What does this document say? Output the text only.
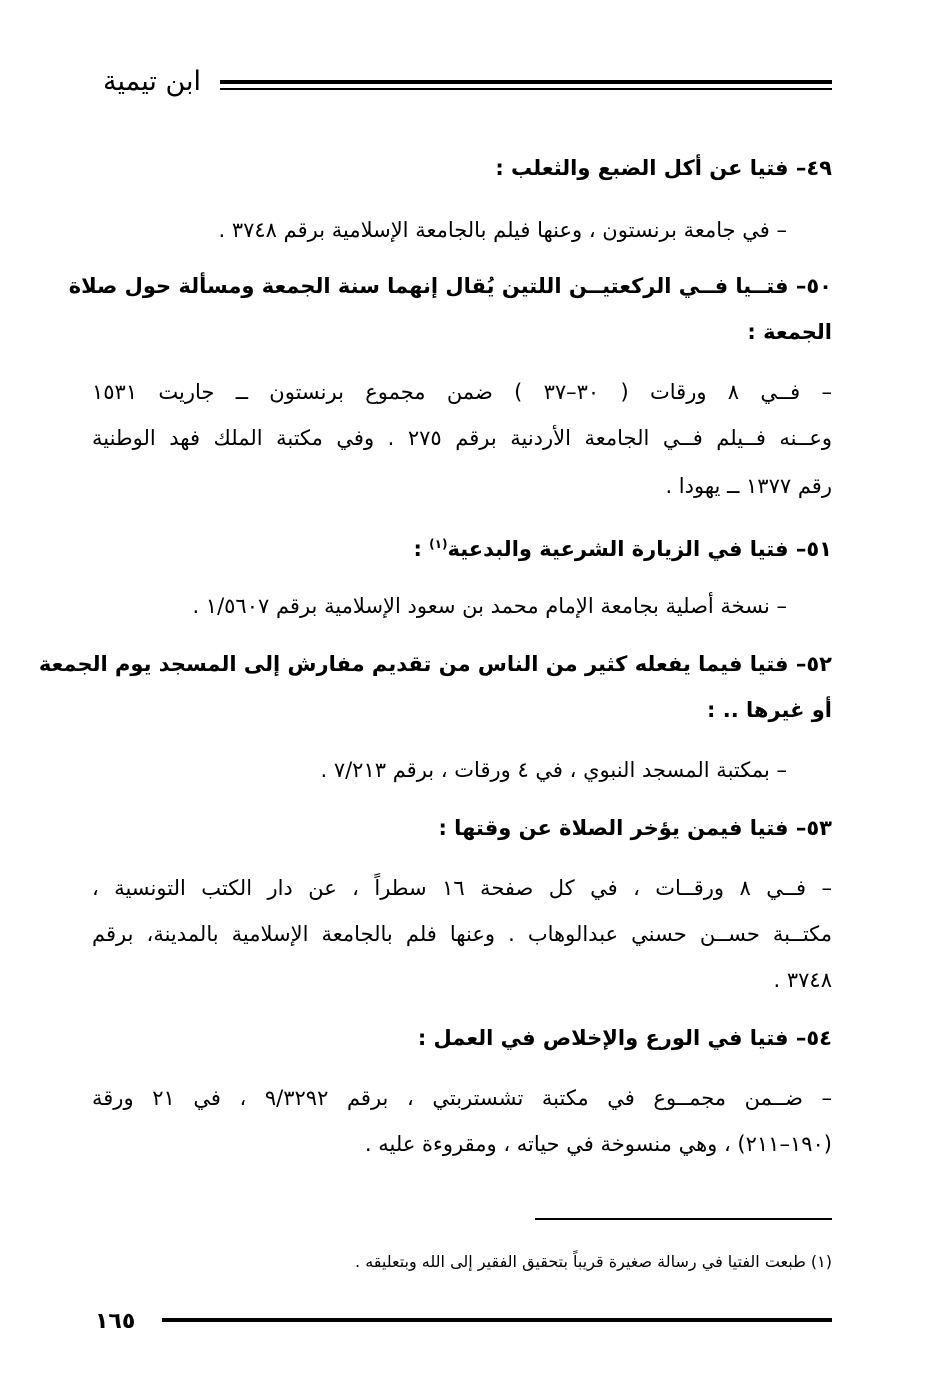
ابن تيمية
٤٩– فتيا عن أكل الضبع والثعلب :
– في جامعة برنستون ، وعنها فيلم بالجامعة الإسلامية برقم ٣٧٤٨ .
٥٠– فتــيا فــي الركعتيــن اللتين يُقال إنهما سنة الجمعة ومسألة حول صلاة
الجمعة :
– فــي ٨ ورقات ( ٣٠–٣٧ ) ضمن مجموع برنستون ــ جاريت ١٥٣١
وعــنه فــيلم فــي الجامعة الأردنية برقم ٢٧٥ . وفي مكتبة الملك فهد الوطنية
رقم ١٣٧٧ ــ يهودا .
٥١– فتيا في الزيارة الشرعية والبدعية$^{(١)}$ :
– نسخة أصلية بجامعة الإمام محمد بن سعود الإسلامية برقم ١/٥٦٠٧ .
٥٢– فتيا فيما يفعله كثير من الناس من تقديم مفارش إلى المسجد يوم الجمعة
أو غيرها .. :
– بمكتبة المسجد النبوي ، في ٤ ورقات ، برقم ٧/٢١٣ .
٥٣– فتيا فيمن يؤخر الصلاة عن وقتها :
– فــي ٨ ورقــات ، في كل صفحة ١٦ سطراً ، عن دار الكتب التونسية ،
مكتــبة حســن حسني عبدالوهاب . وعنها فلم بالجامعة الإسلامية بالمدينة، برقم
٣٧٤٨ .
٥٤– فتيا في الورع والإخلاص في العمل :
– ضــمن مجمــوع في مكتبة تشستربتي ، برقم ٩/٣٢٩٢ ، في ٢١ ورقة
(١٩٠–٢١١) ، وهي منسوخة في حياته ، ومقروءة عليه .
(١) طبعت الفتيا في رسالة صغيرة قريباً بتحقيق الفقير إلى الله وبتعليقه .
١٦٥
